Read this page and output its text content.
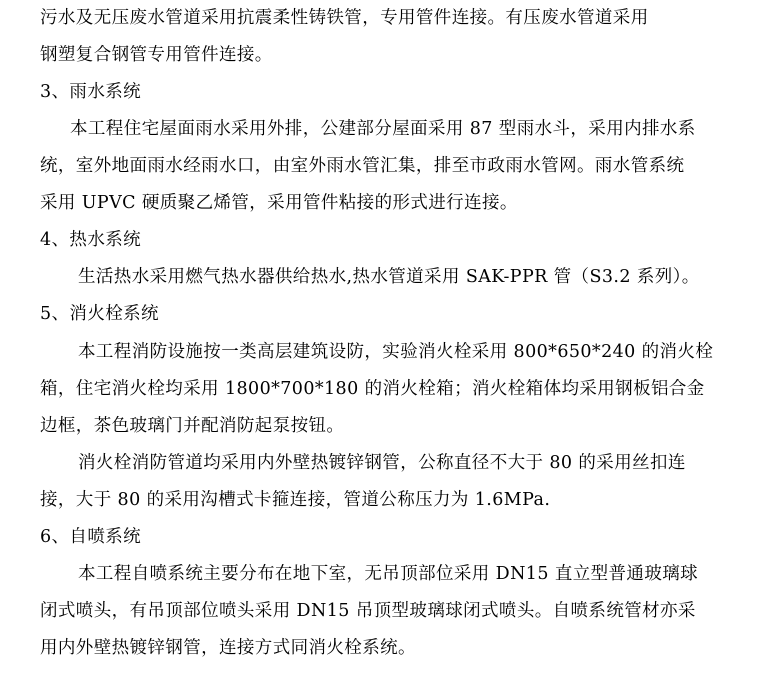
污水及无压废水管道采用抗震柔性铸铁管，专用管件连接。有压废水管道采用
钢塑复合钢管专用管件连接。
3、雨水系统
本工程住宅屋面雨水采用外排，公建部分屋面采用 87 型雨水斗，采用内排水系
统，室外地面雨水经雨水口，由室外雨水管汇集，排至市政雨水管网。雨水管系统
采用 UPVC 硬质聚乙烯管，采用管件粘接的形式进行连接。
4、热水系统
生活热水采用燃气热水器供给热水,热水管道采用 SAK-PPR 管（S3.2 系列）。
5、消火栓系统
本工程消防设施按一类高层建筑设防，实验消火栓采用 800*650*240 的消火栓
箱，住宅消火栓均采用 1800*700*180 的消火栓箱；消火栓箱体均采用钢板铝合金
边框，茶色玻璃门并配消防起泵按钮。
消火栓消防管道均采用内外壁热镀锌钢管，公称直径不大于 80 的采用丝扣连
接，大于 80 的采用沟槽式卡箍连接，管道公称压力为 1.6MPa.
6、自喷系统
本工程自喷系统主要分布在地下室，无吊顶部位采用 DN15 直立型普通玻璃球
闭式喷头，有吊顶部位喷头采用 DN15 吊顶型玻璃球闭式喷头。自喷系统管材亦采
用内外壁热镀锌钢管，连接方式同消火栓系统。
